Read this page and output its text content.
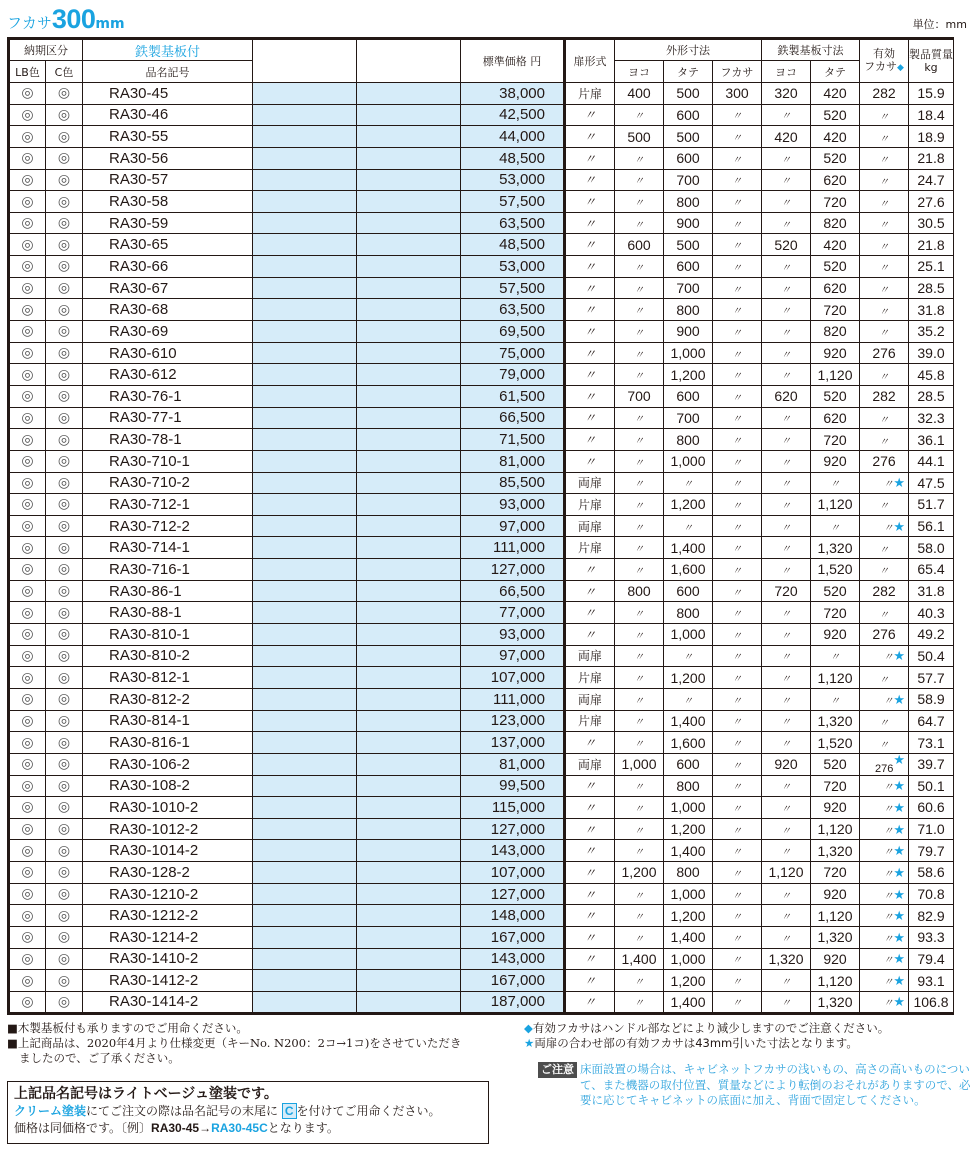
フカサ300mm	単位：mm
納期区分		鉄製基板付			標準価格 円	扉形式	外形寸法			鉄製基板寸法		有効
フカサ◆	製品質量
kg
LB色	C色	品名記号					ヨコ	タテ	フカサ	ヨコ	タテ		
◎	◎	RA30-45			38,000	片扉	400	500	300	320	420	282	15.9
◎	◎	RA30-46			42,500	〃	〃	600	〃	〃	520	〃	18.4
◎	◎	RA30-55			44,000	〃	500	500	〃	420	420	〃	18.9
◎	◎	RA30-56			48,500	〃	〃	600	〃	〃	520	〃	21.8
◎	◎	RA30-57			53,000	〃	〃	700	〃	〃	620	〃	24.7
◎	◎	RA30-58			57,500	〃	〃	800	〃	〃	720	〃	27.6
◎	◎	RA30-59			63,500	〃	〃	900	〃	〃	820	〃	30.5
◎	◎	RA30-65			48,500	〃	600	500	〃	520	420	〃	21.8
◎	◎	RA30-66			53,000	〃	〃	600	〃	〃	520	〃	25.1
◎	◎	RA30-67			57,500	〃	〃	700	〃	〃	620	〃	28.5
◎	◎	RA30-68			63,500	〃	〃	800	〃	〃	720	〃	31.8
◎	◎	RA30-69			69,500	〃	〃	900	〃	〃	820	〃	35.2
◎	◎	RA30-610			75,000	〃	〃	1,000	〃	〃	920	276	39.0
◎	◎	RA30-612			79,000	〃	〃	1,200	〃	〃	1,120	〃	45.8
◎	◎	RA30-76-1			61,500	〃	700	600	〃	620	520	282	28.5
◎	◎	RA30-77-1			66,500	〃	〃	700	〃	〃	620	〃	32.3
◎	◎	RA30-78-1			71,500	〃	〃	800	〃	〃	720	〃	36.1
◎	◎	RA30-710-1			81,000	〃	〃	1,000	〃	〃	920	276	44.1
◎	◎	RA30-710-2			85,500	両扉	〃	〃	〃	〃	〃	〃★	47.5
◎	◎	RA30-712-1			93,000	片扉	〃	1,200	〃	〃	1,120	〃	51.7
◎	◎	RA30-712-2			97,000	両扉	〃	〃	〃	〃	〃	〃★	56.1
◎	◎	RA30-714-1			111,000	片扉	〃	1,400	〃	〃	1,320	〃	58.0
◎	◎	RA30-716-1			127,000	〃	〃	1,600	〃	〃	1,520	〃	65.4
◎	◎	RA30-86-1			66,500	〃	800	600	〃	720	520	282	31.8
◎	◎	RA30-88-1			77,000	〃	〃	800	〃	〃	720	〃	40.3
◎	◎	RA30-810-1			93,000	〃	〃	1,000	〃	〃	920	276	49.2
◎	◎	RA30-810-2			97,000	両扉	〃	〃	〃	〃	〃	〃★	50.4
◎	◎	RA30-812-1			107,000	片扉	〃	1,200	〃	〃	1,120	〃	57.7
◎	◎	RA30-812-2			111,000	両扉	〃	〃	〃	〃	〃	〃★	58.9
◎	◎	RA30-814-1			123,000	片扉	〃	1,400	〃	〃	1,320	〃	64.7
◎	◎	RA30-816-1			137,000	〃	〃	1,600	〃	〃	1,520	〃	73.1
◎	◎	RA30-106-2			81,000	両扉	1,000	600	〃	920	520	$_{276}$★	39.7
◎	◎	RA30-108-2			99,500	〃	〃	800	〃	〃	720	〃★	50.1
◎	◎	RA30-1010-2			115,000	〃	〃	1,000	〃	〃	920	〃★	60.6
◎	◎	RA30-1012-2			127,000	〃	〃	1,200	〃	〃	1,120	〃★	71.0
◎	◎	RA30-1014-2			143,000	〃	〃	1,400	〃	〃	1,320	〃★	79.7
◎	◎	RA30-128-2			107,000	〃	1,200	800	〃	1,120	720	〃★	58.6
◎	◎	RA30-1210-2			127,000	〃	〃	1,000	〃	〃	920	〃★	70.8
◎	◎	RA30-1212-2			148,000	〃	〃	1,200	〃	〃	1,120	〃★	82.9
◎	◎	RA30-1214-2			167,000	〃	〃	1,400	〃	〃	1,320	〃★	93.3
◎	◎	RA30-1410-2			143,000	〃	1,400	1,000	〃	1,320	920	〃★	79.4
◎	◎	RA30-1412-2			167,000	〃	〃	1,200	〃	〃	1,120	〃★	93.1
◎	◎	RA30-1414-2			187,000	〃	〃	1,400	〃	〃	1,320	〃★	106.8
■木製基板付も承りますのでご用命ください。
■上記商品は、2020年4月より仕様変更（キーNo. N200：2コ→1コ)をさせていただき
ましたので、ご了承ください。
◆有効フカサはハンドル部などにより減少しますのでご注意ください。
★両扉の合わせ部の有効フカサは43mm引いた寸法となります。
ご注意 床面設置の場合は、キャビネットフカサの浅いもの、高さの高いものについて、また機器の取付位置、質量などにより転倒のおそれがありますので、必要に応じてキャビネットの底面に加え、背面で固定してください。
上記品名記号はライトベージュ塗装です。
クリーム塗装にてご注文の際は品名記号の末尾に C を付けてご用命ください。
価格は同価格です。〔例〕RA30-45→RA30-45Cとなります。
